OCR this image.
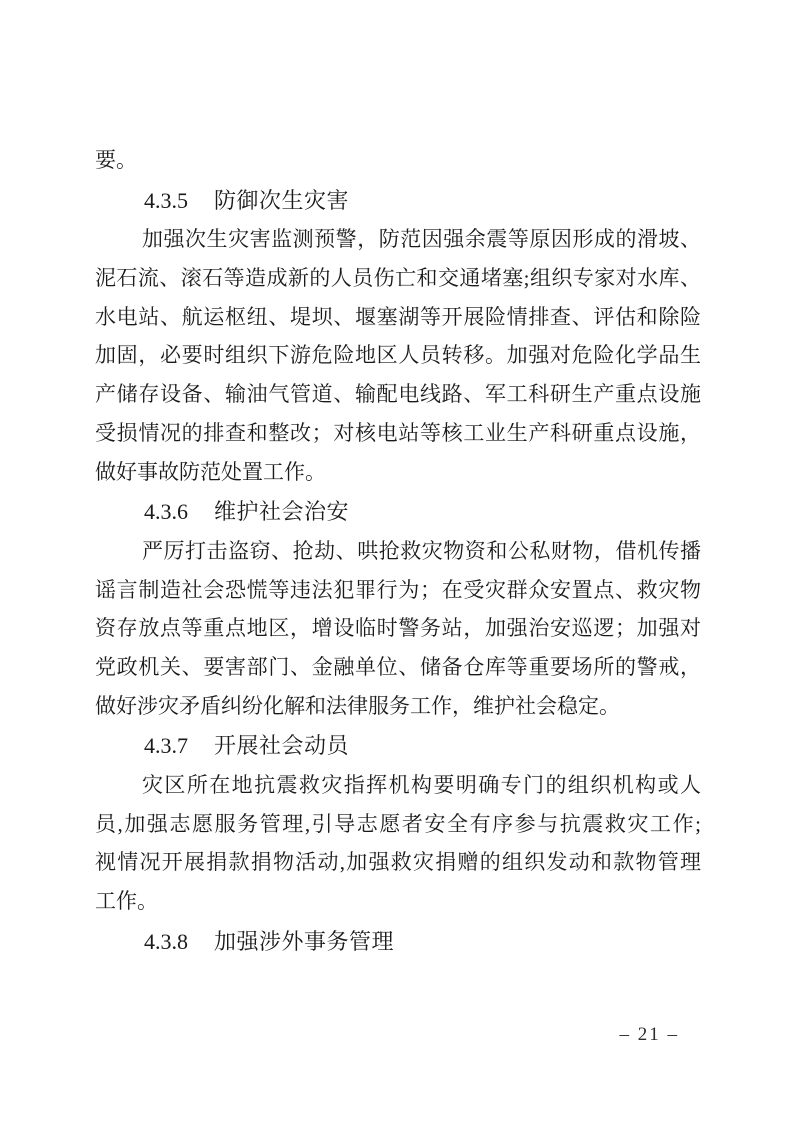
要。
4.3.5 防御次生灾害
加强次生灾害监测预警，防范因强余震等原因形成的滑坡、
泥石流、滚石等造成新的人员伤亡和交通堵塞;组织专家对水库、
水电站、航运枢纽、堤坝、堰塞湖等开展险情排查、评估和除险
加固，必要时组织下游危险地区人员转移。加强对危险化学品生
产储存设备、输油气管道、输配电线路、军工科研生产重点设施
受损情况的排查和整改；对核电站等核工业生产科研重点设施，
做好事故防范处置工作。
4.3.6 维护社会治安
严厉打击盗窃、抢劫、哄抢救灾物资和公私财物，借机传播
谣言制造社会恐慌等违法犯罪行为；在受灾群众安置点、救灾物
资存放点等重点地区，增设临时警务站，加强治安巡逻；加强对
党政机关、要害部门、金融单位、储备仓库等重要场所的警戒，
做好涉灾矛盾纠纷化解和法律服务工作，维护社会稳定。
4.3.7 开展社会动员
灾区所在地抗震救灾指挥机构要明确专门的组织机构或人
员,加强志愿服务管理,引导志愿者安全有序参与抗震救灾工作;
视情况开展捐款捐物活动,加强救灾捐赠的组织发动和款物管理
工作。
4.3.8 加强涉外事务管理
– 21 –
